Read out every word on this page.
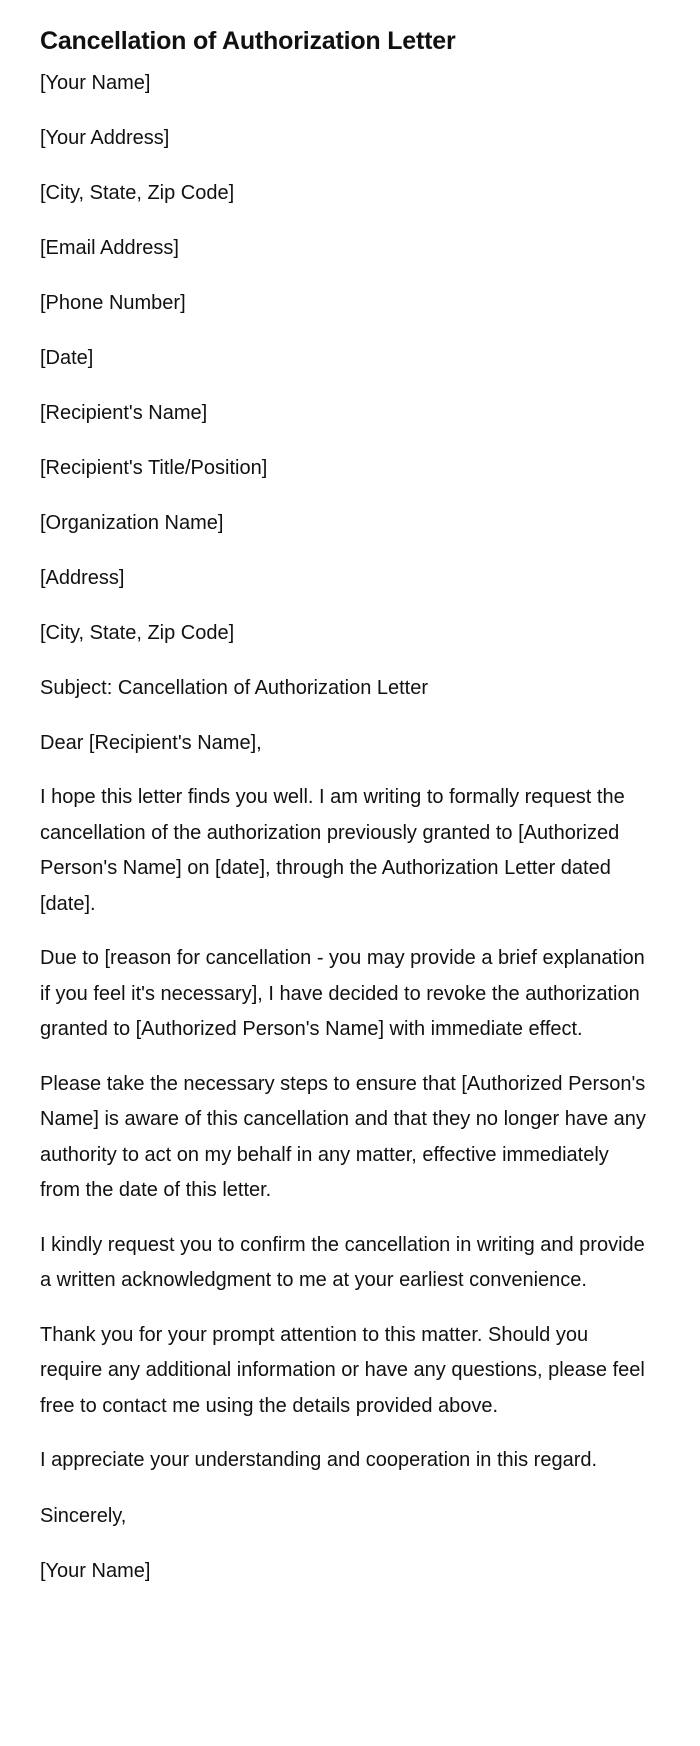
Cancellation of Authorization Letter
[Your Name]
[Your Address]
[City, State, Zip Code]
[Email Address]
[Phone Number]
[Date]
[Recipient's Name]
[Recipient's Title/Position]
[Organization Name]
[Address]
[City, State, Zip Code]
Subject: Cancellation of Authorization Letter
Dear [Recipient's Name],
I hope this letter finds you well. I am writing to formally request the cancellation of the authorization previously granted to [Authorized Person's Name] on [date], through the Authorization Letter dated [date].
Due to [reason for cancellation - you may provide a brief explanation if you feel it's necessary], I have decided to revoke the authorization granted to [Authorized Person's Name] with immediate effect.
Please take the necessary steps to ensure that [Authorized Person's Name] is aware of this cancellation and that they no longer have any authority to act on my behalf in any matter, effective immediately from the date of this letter.
I kindly request you to confirm the cancellation in writing and provide a written acknowledgment to me at your earliest convenience.
Thank you for your prompt attention to this matter. Should you require any additional information or have any questions, please feel free to contact me using the details provided above.
I appreciate your understanding and cooperation in this regard.
Sincerely,
[Your Name]
